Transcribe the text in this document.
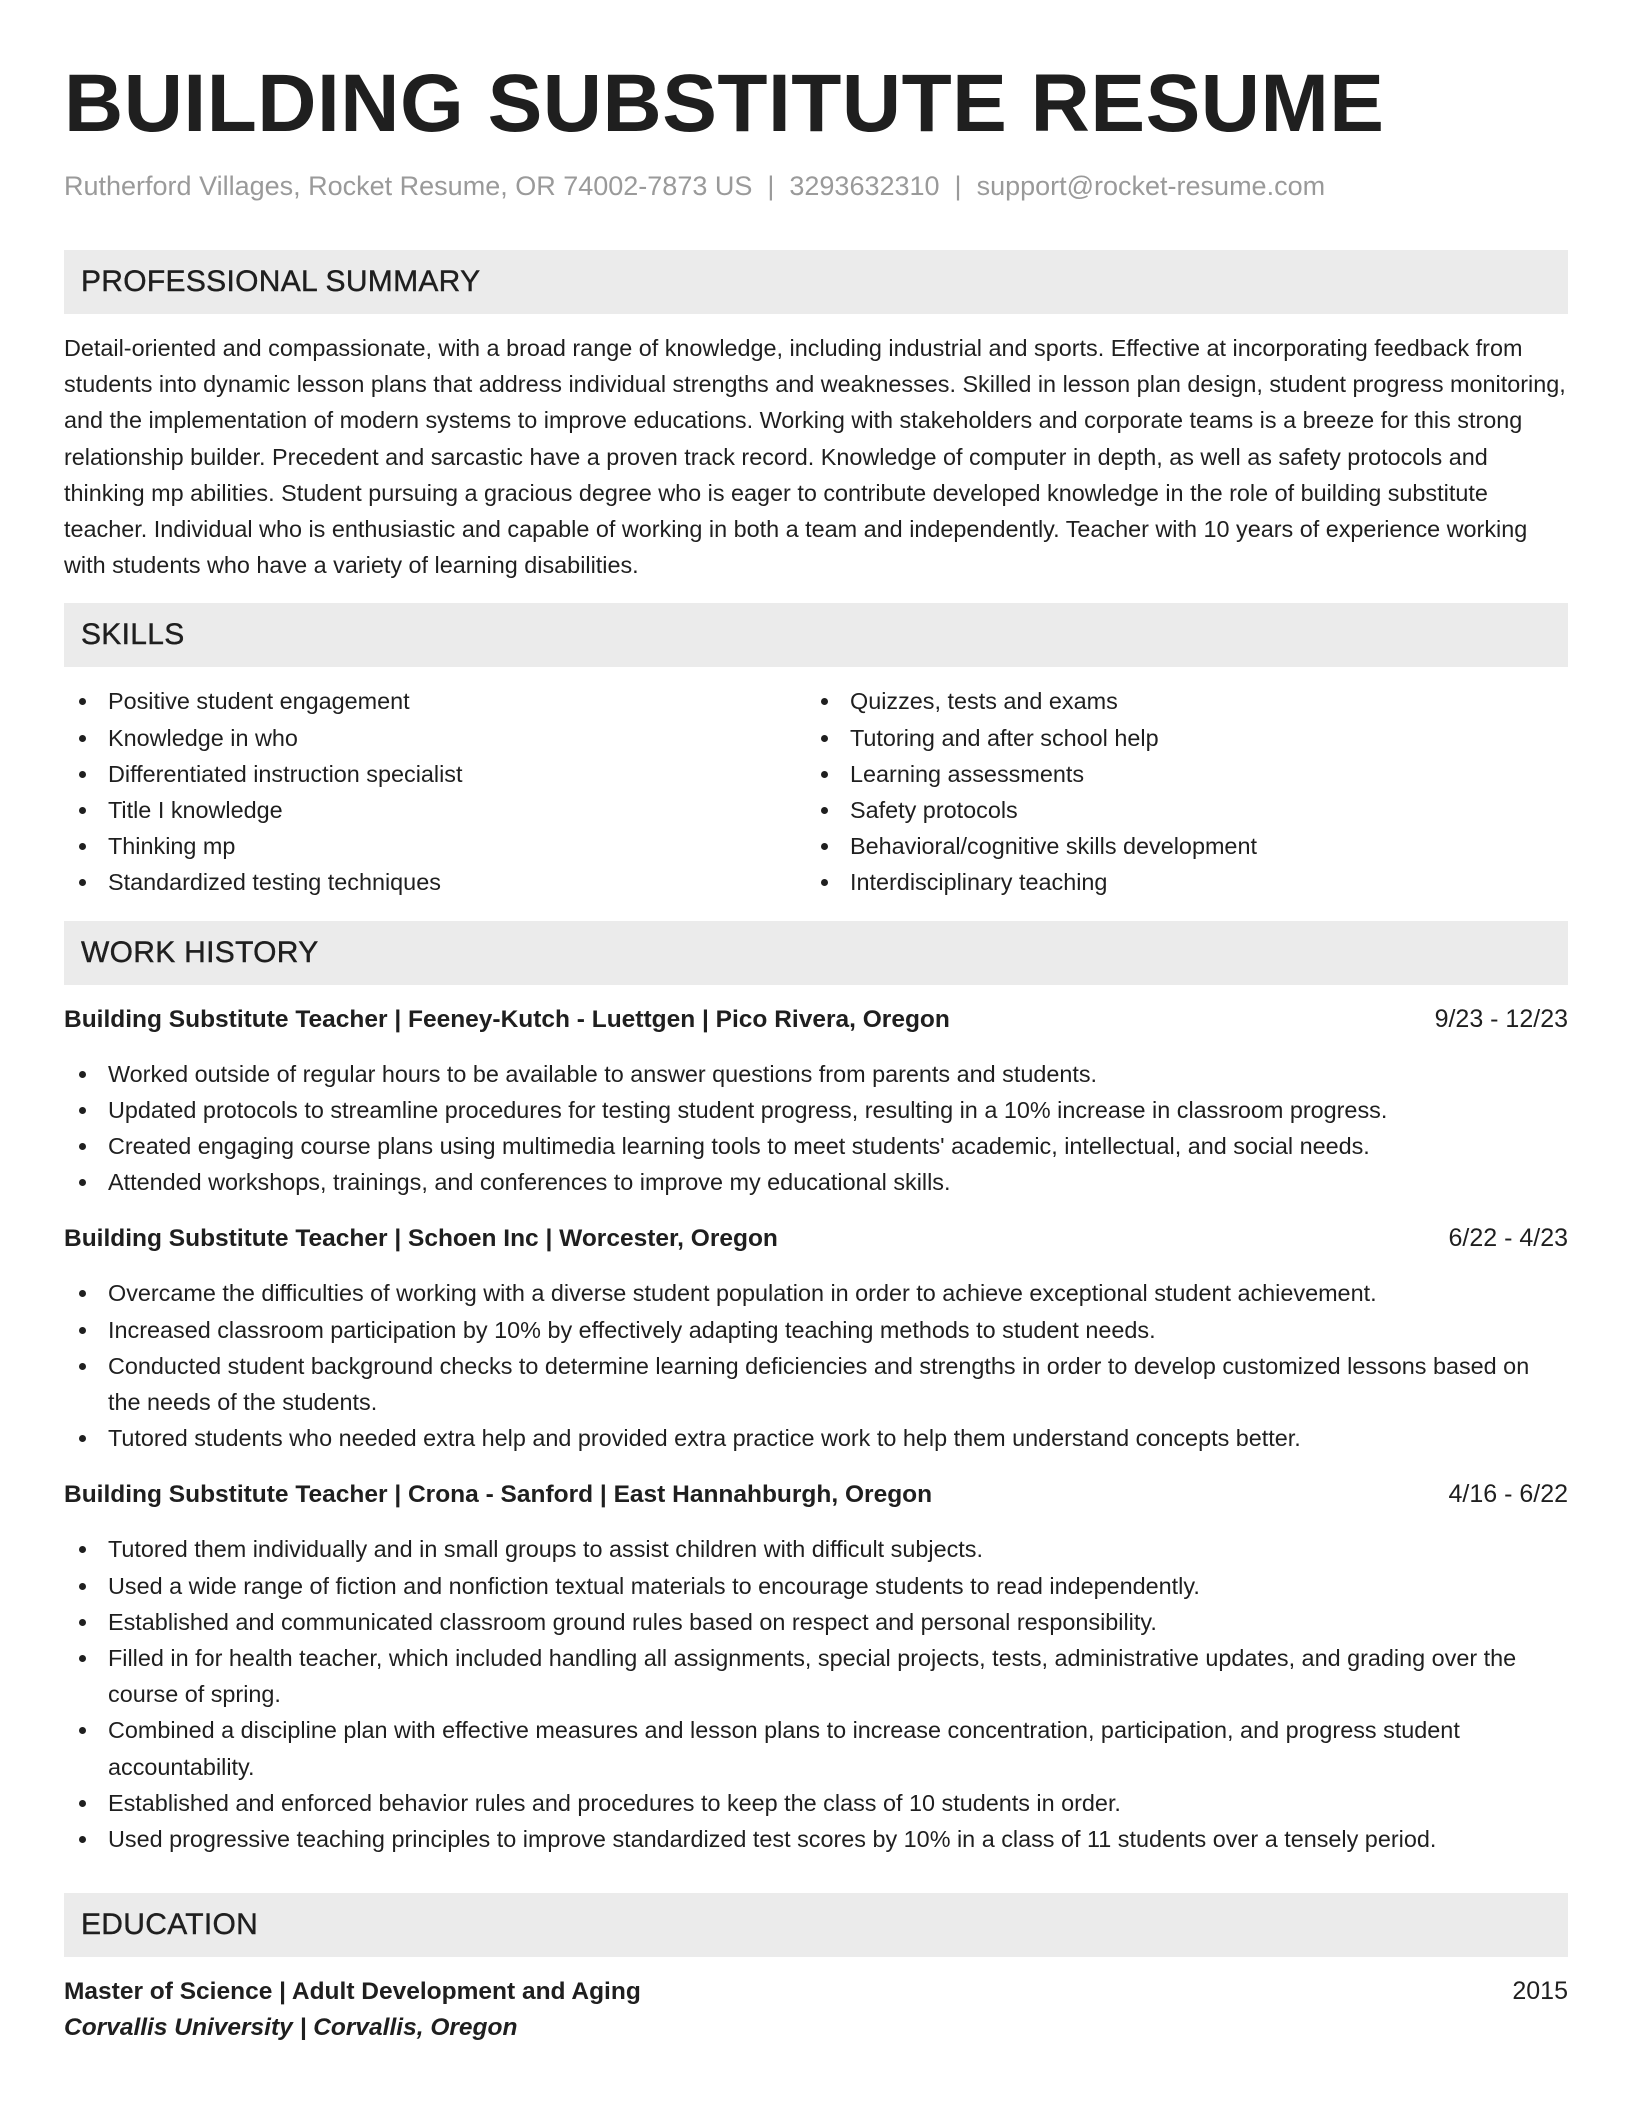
BUILDING SUBSTITUTE RESUME
Rutherford Villages, Rocket Resume, OR 74002-7873 US | 3293632310 | support@rocket-resume.com
PROFESSIONAL SUMMARY

Detail-oriented and compassionate, with a broad range of knowledge, including industrial and sports. Effective at incorporating feedback from students into dynamic lesson plans that address individual strengths and weaknesses. Skilled in lesson plan design, student progress monitoring, and the implementation of modern systems to improve educations. Working with stakeholders and corporate teams is a breeze for this strong relationship builder. Precedent and sarcastic have a proven track record. Knowledge of computer in depth, as well as safety protocols and thinking mp abilities. Student pursuing a gracious degree who is eager to contribute developed knowledge in the role of building substitute teacher. Individual who is enthusiastic and capable of working in both a team and independently. Teacher with 10 years of experience working with students who have a variety of learning disabilities.

SKILLS
Positive student engagement
Knowledge in who
Differentiated instruction specialist
Title I knowledge
Thinking mp
Standardized testing techniques
Quizzes, tests and exams
Tutoring and after school help
Learning assessments
Safety protocols
Behavioral/cognitive skills development
Interdisciplinary teaching
WORK HISTORY
Building Substitute Teacher | Feeney-Kutch - Luettgen | Pico Rivera, Oregon	9/23 - 12/23
Worked outside of regular hours to be available to answer questions from parents and students.
Updated protocols to streamline procedures for testing student progress, resulting in a 10% increase in classroom progress.
Created engaging course plans using multimedia learning tools to meet students' academic, intellectual, and social needs.
Attended workshops, trainings, and conferences to improve my educational skills.
Building Substitute Teacher | Schoen Inc | Worcester, Oregon	6/22 - 4/23
Overcame the difficulties of working with a diverse student population in order to achieve exceptional student achievement.
Increased classroom participation by 10% by effectively adapting teaching methods to student needs.
Conducted student background checks to determine learning deficiencies and strengths in order to develop customized lessons based on the needs of the students.
Tutored students who needed extra help and provided extra practice work to help them understand concepts better.
Building Substitute Teacher | Crona - Sanford | East Hannahburgh, Oregon	4/16 - 6/22
Tutored them individually and in small groups to assist children with difficult subjects.
Used a wide range of fiction and nonfiction textual materials to encourage students to read independently.
Established and communicated classroom ground rules based on respect and personal responsibility.
Filled in for health teacher, which included handling all assignments, special projects, tests, administrative updates, and grading over the course of spring.
Combined a discipline plan with effective measures and lesson plans to increase concentration, participation, and progress student accountability.
Established and enforced behavior rules and procedures to keep the class of 10 students in order.
Used progressive teaching principles to improve standardized test scores by 10% in a class of 11 students over a tensely period.
EDUCATION
Master of Science | Adult Development and Aging	2015
Corvallis University | Corvallis, Oregon
